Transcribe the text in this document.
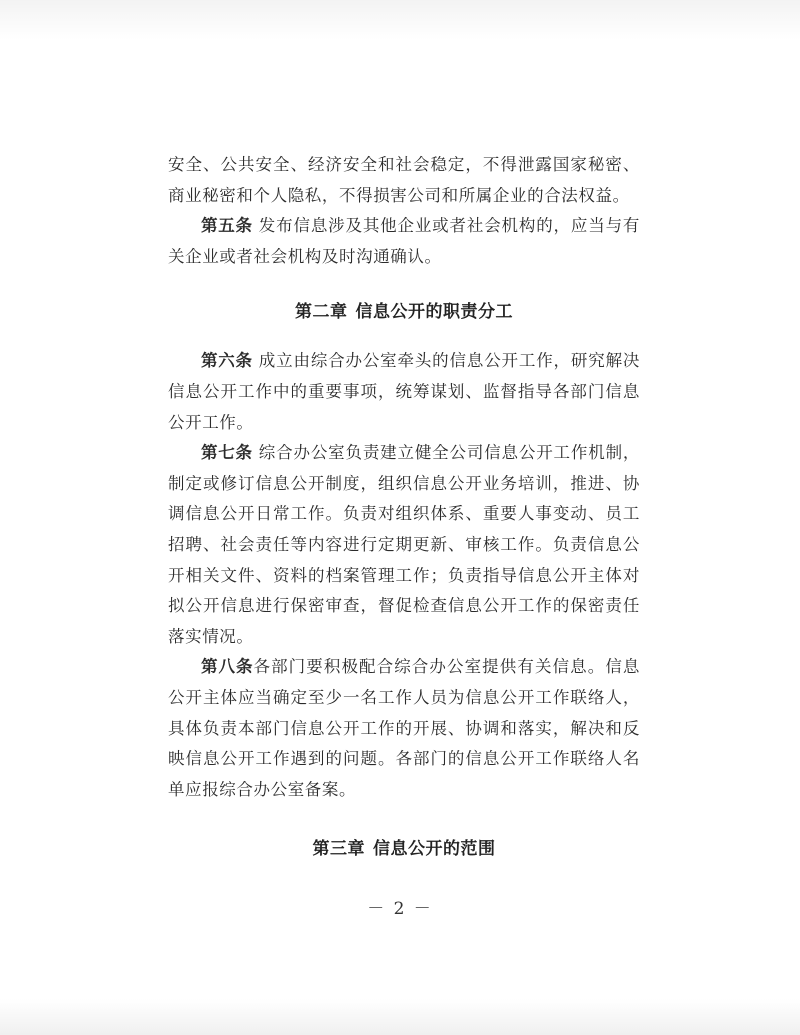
安全、公共安全、经济安全和社会稳定，不得泄露国家秘密、商业秘密和个人隐私，不得损害公司和所属企业的合法权益。

第五条 发布信息涉及其他企业或者社会机构的，应当与有关企业或者社会机构及时沟通确认。

第二章 信息公开的职责分工

第六条 成立由综合办公室牵头的信息公开工作，研究解决信息公开工作中的重要事项，统筹谋划、监督指导各部门信息公开工作。

第七条 综合办公室负责建立健全公司信息公开工作机制，制定或修订信息公开制度，组织信息公开业务培训，推进、协调信息公开日常工作。负责对组织体系、重要人事变动、员工招聘、社会责任等内容进行定期更新、审核工作。负责信息公开相关文件、资料的档案管理工作；负责指导信息公开主体对拟公开信息进行保密审查，督促检查信息公开工作的保密责任落实情况。

第八条各部门要积极配合综合办公室提供有关信息。信息公开主体应当确定至少一名工作人员为信息公开工作联络人，具体负责本部门信息公开工作的开展、协调和落实，解决和反映信息公开工作遇到的问题。各部门的信息公开工作联络人名单应报综合办公室备案。

第三章 信息公开的范围
－ 2 －
